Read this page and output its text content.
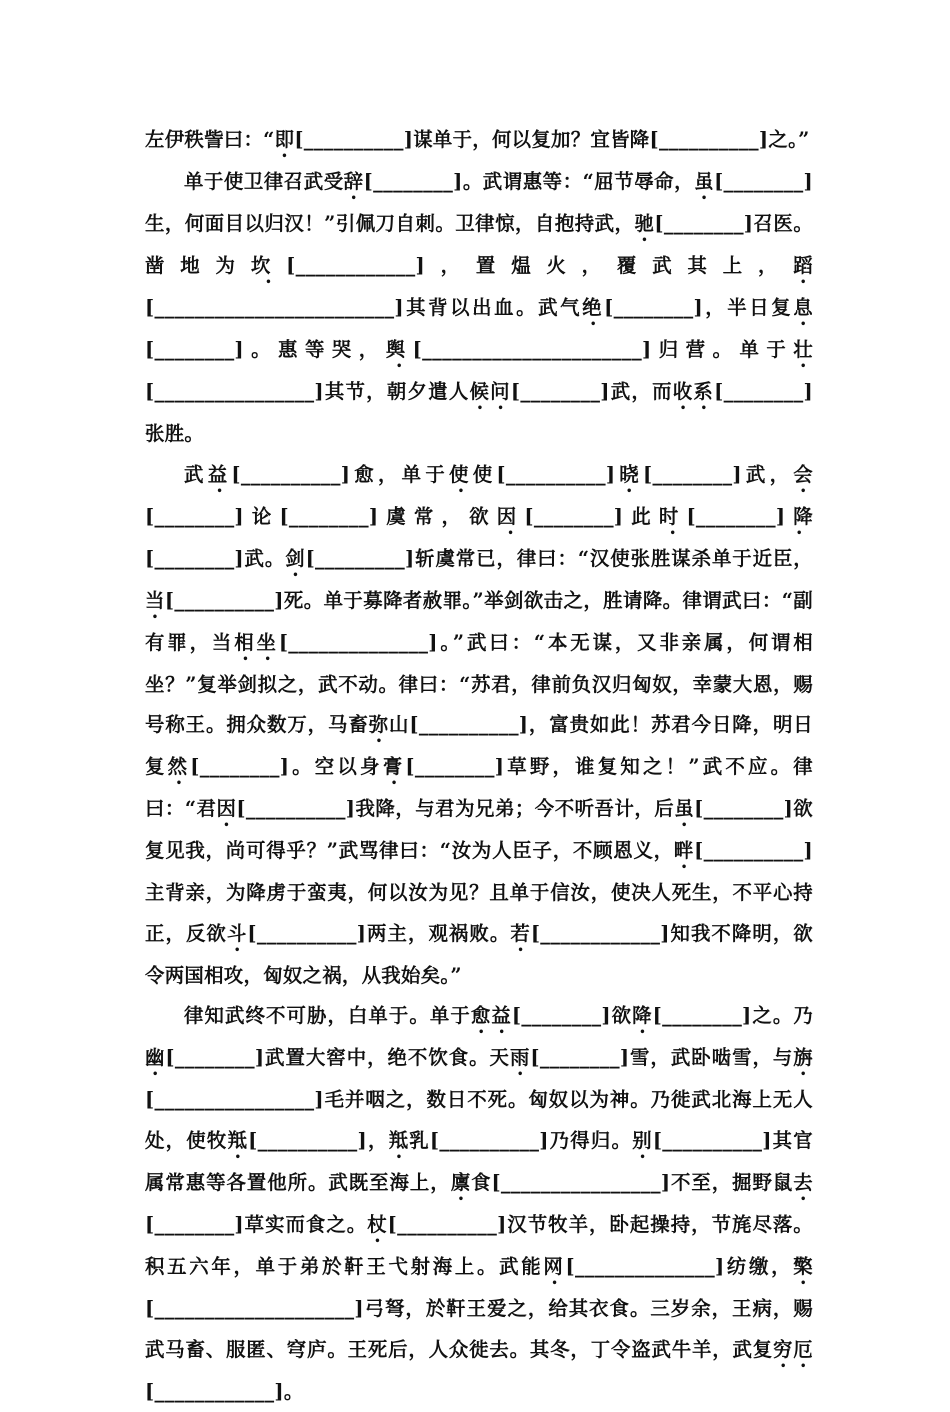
左伊秩訾曰：“即[__________]谋单于，何以复加？宜皆降[__________]之。”

单于使卫律召武受辞[________]。武谓惠等：“屈节辱命，虽[________]生，何面目以归汉！”引佩刀自刺。卫律惊，自抱持武，驰[________]召医。凿地为坎[____________]，置煴火，覆武其上，蹈[________________________]其背以出血。武气绝[________]，半日复息[________]。惠等哭，舆[______________________]归营。单于壮[________________]其节，朝夕遣人候问[________]武，而收系[________]张胜。

武益[__________]愈，单于使使[__________]晓[________]武，会[________]论[________]虞常，欲因[________]此时[________]降[________]武。剑[_________]斩虞常已，律曰：“汉使张胜谋杀单于近臣，当[__________]死。单于募降者赦罪。”举剑欲击之，胜请降。律谓武曰：“副有罪，当相坐[______________]。”武曰：“本无谋，又非亲属，何谓相坐？”复举剑拟之，武不动。律曰：“苏君，律前负汉归匈奴，幸蒙大恩，赐号称王。拥众数万，马畜弥山[__________]，富贵如此！苏君今日降，明日复然[________]。空以身膏[________]草野，谁复知之！”武不应。律曰：“君因[__________]我降，与君为兄弟；今不听吾计，后虽[________]欲复见我，尚可得乎？”武骂律曰：“汝为人臣子，不顾恩义，畔[__________]主背亲，为降虏于蛮夷，何以汝为见？且单于信汝，使决人死生，不平心持正，反欲斗[__________]两主，观祸败。若[____________]知我不降明，欲令两国相攻，匈奴之祸，从我始矣。”

律知武终不可胁，白单于。单于愈益[________]欲降[________]之。乃幽[________]武置大窖中，绝不饮食。天雨[________]雪，武卧啮雪，与旃[________________]毛并咽之，数日不死。匈奴以为神。乃徙武北海上无人处，使牧羝[__________]，羝乳[__________]乃得归。别[__________]其官属常惠等各置他所。武既至海上，廪食[________________]不至，掘野鼠去[________]草实而食之。杖[__________]汉节牧羊，卧起操持，节旄尽落。积五六年，单于弟於靬王弋射海上。武能网[______________]纺缴，檠[____________________]弓弩，於靬王爱之，给其衣食。三岁余，王病，赐武马畜、服匿、穹庐。王死后，人众徙去。其冬，丁令盗武牛羊，武复穷厄[____________]。
